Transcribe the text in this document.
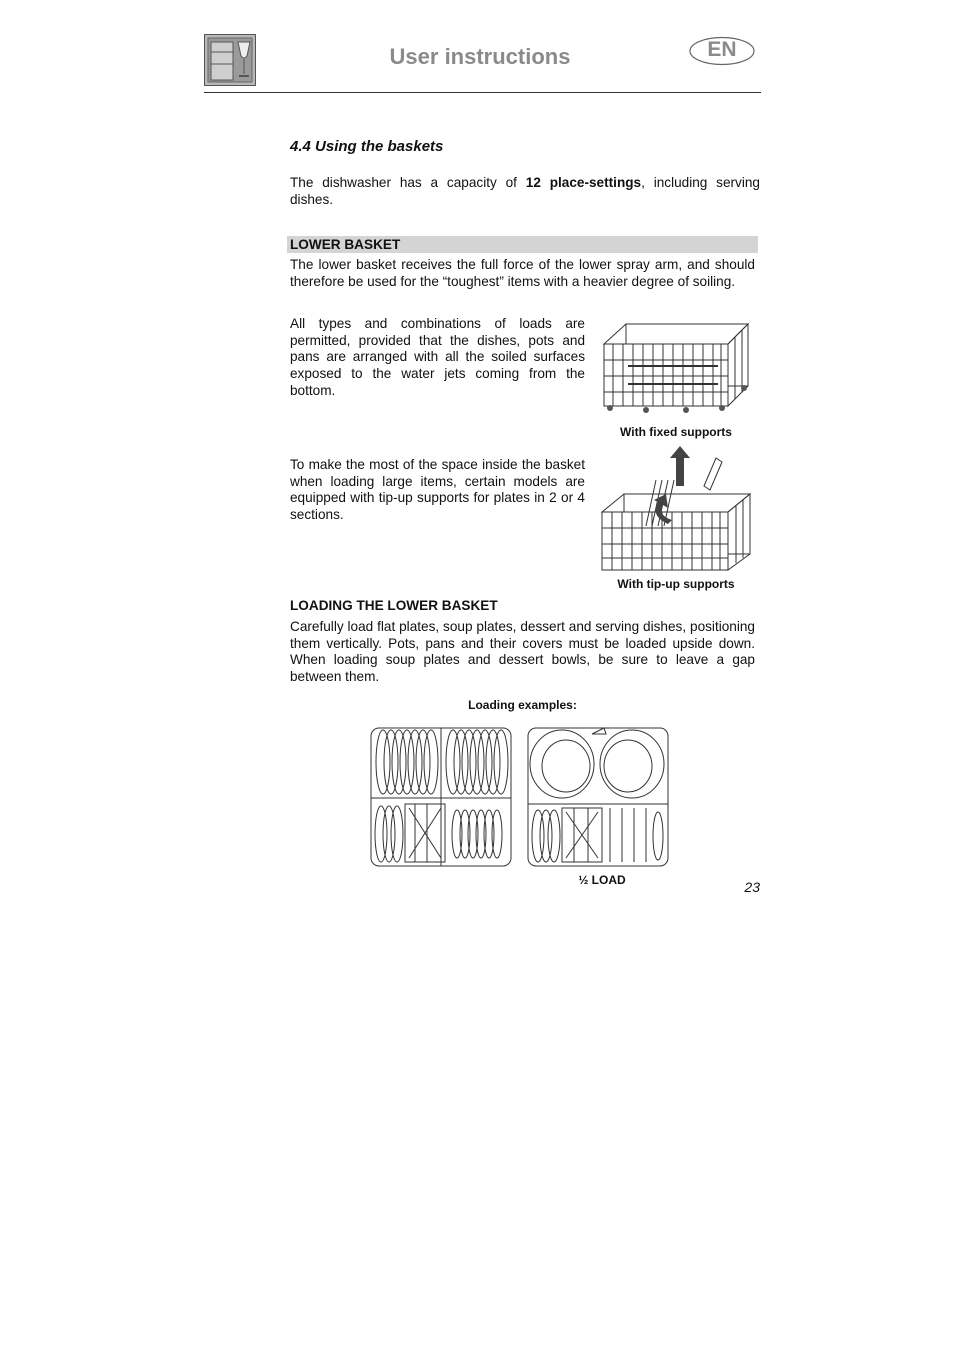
User instructions	EN
4.4 Using the baskets
The dishwasher has a capacity of 12 place-settings, including serving dishes.
LOWER BASKET
The lower basket receives the full force of the lower spray arm, and should therefore be used for the “toughest” items with a heavier degree of soiling.
All types and combinations of loads are permitted, provided that the dishes, pots and pans are arranged with all the soiled surfaces exposed to the water jets coming from the bottom.
With fixed supports
To make the most of the space inside the basket when loading large items, certain models are equipped with tip-up supports for plates in 2 or 4 sections.
With tip-up supports
LOADING THE LOWER BASKET
Carefully load flat plates, soup plates, dessert and serving dishes, positioning them vertically. Pots, pans and their covers must be loaded upside down. When loading soup plates and dessert bowls, be sure to leave a gap between them.
Loading examples:
½ LOAD	23
